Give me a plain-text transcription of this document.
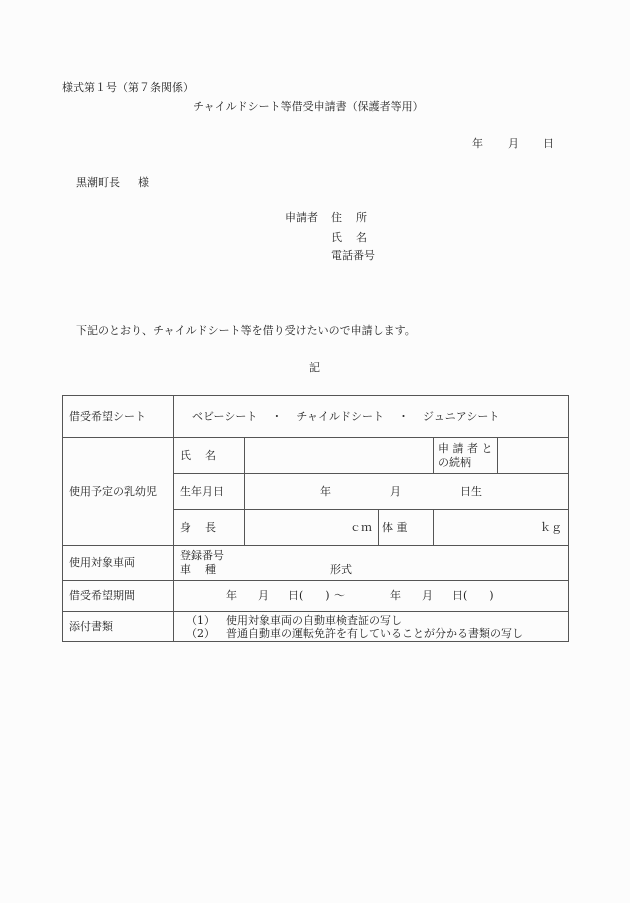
様式第１号（第７条関係）
チャイルドシート等借受申請書（保護者等用）
年 月 日
黒潮町長 様
申請者 住所
氏名
電話番号
下記のとおり、チャイルドシート等を借り受けたいので申請します。
記
借受希望シート	ベビーシート ・ チャイルドシート ・ ジュニアシート				
使用予定の乳幼児	氏名			申 請 者 と
の続柄	

	生年月日	年 月 日生			
	身長	ｃｍ	体 重	ｋｇ	
使用対象車両	登録番号
車種 形式				

借受希望期間	年 月 日(　　) ～ 年 月 日(　　)				
添付書類	（1） 使用対象車両の自動車検査証の写し
（2） 普通自動車の運転免許を有していることが分かる書類の写し				
